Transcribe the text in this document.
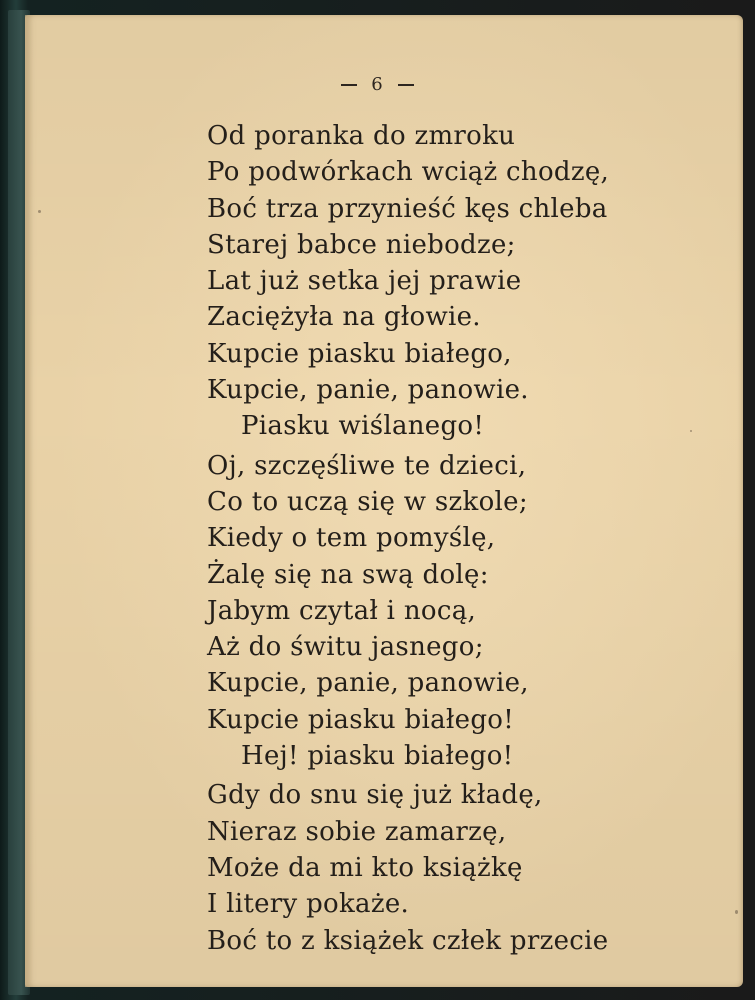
6
Od poranka do zmroku
Po podwórkach wciąż chodzę,
Boć trza przynieść kęs chleba
Starej babce niebodze;
Lat już setka jej prawie
Zaciężyła na głowie.
Kupcie piasku białego,
Kupcie, panie, panowie.
Piasku wiślanego!
Oj, szczęśliwe te dzieci,
Co to uczą się w szkole;
Kiedy o tem pomyślę,
Żalę się na swą dolę:
Jabym czytał i nocą,
Aż do świtu jasnego;
Kupcie, panie, panowie,
Kupcie piasku białego!
Hej! piasku białego!
Gdy do snu się już kładę,
Nieraz sobie zamarzę,
Może da mi kto książkę
I litery pokaże.
Boć to z książek człek przecie
